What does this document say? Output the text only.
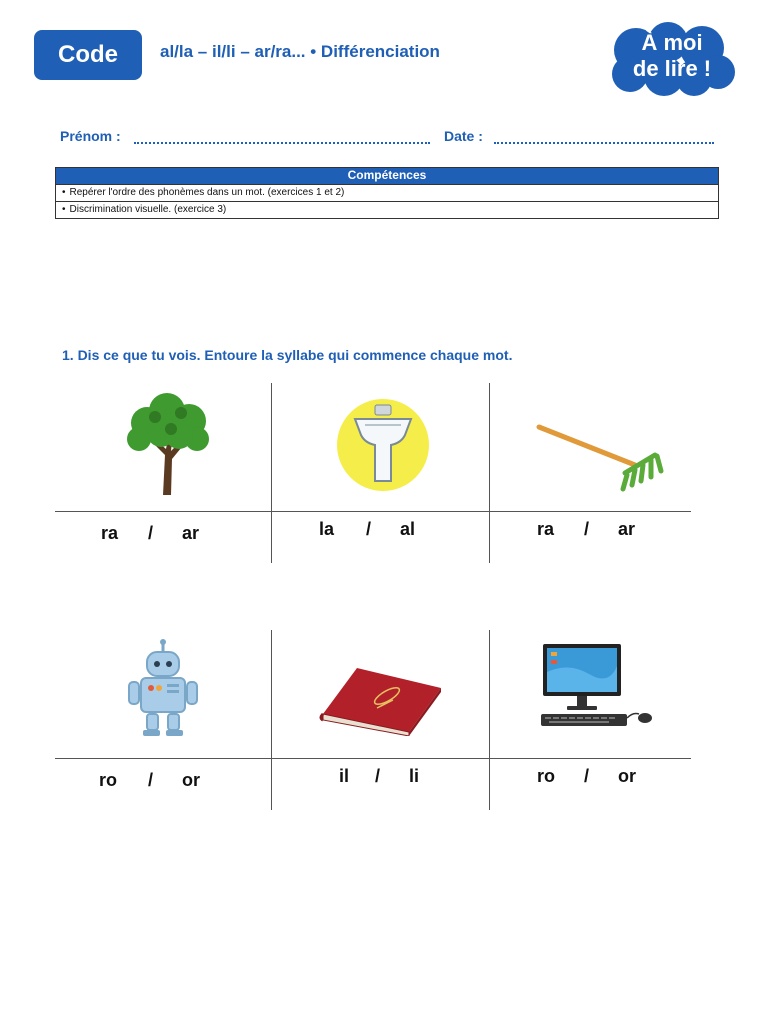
Code	al/la – il/li – ar/ra... • Différenciation	À moi
de lire !
Prénom :	Date :
Compétences
• Repérer l'ordre des phonèmes dans un mot. (exercices 1 et 2)
• Discrimination visuelle. (exercice 3)
1. Dis ce que tu vois. Entoure la syllabe qui commence chaque mot.
ra / ar	la / al	ra / ar
ro / or	il / li	ro / or
